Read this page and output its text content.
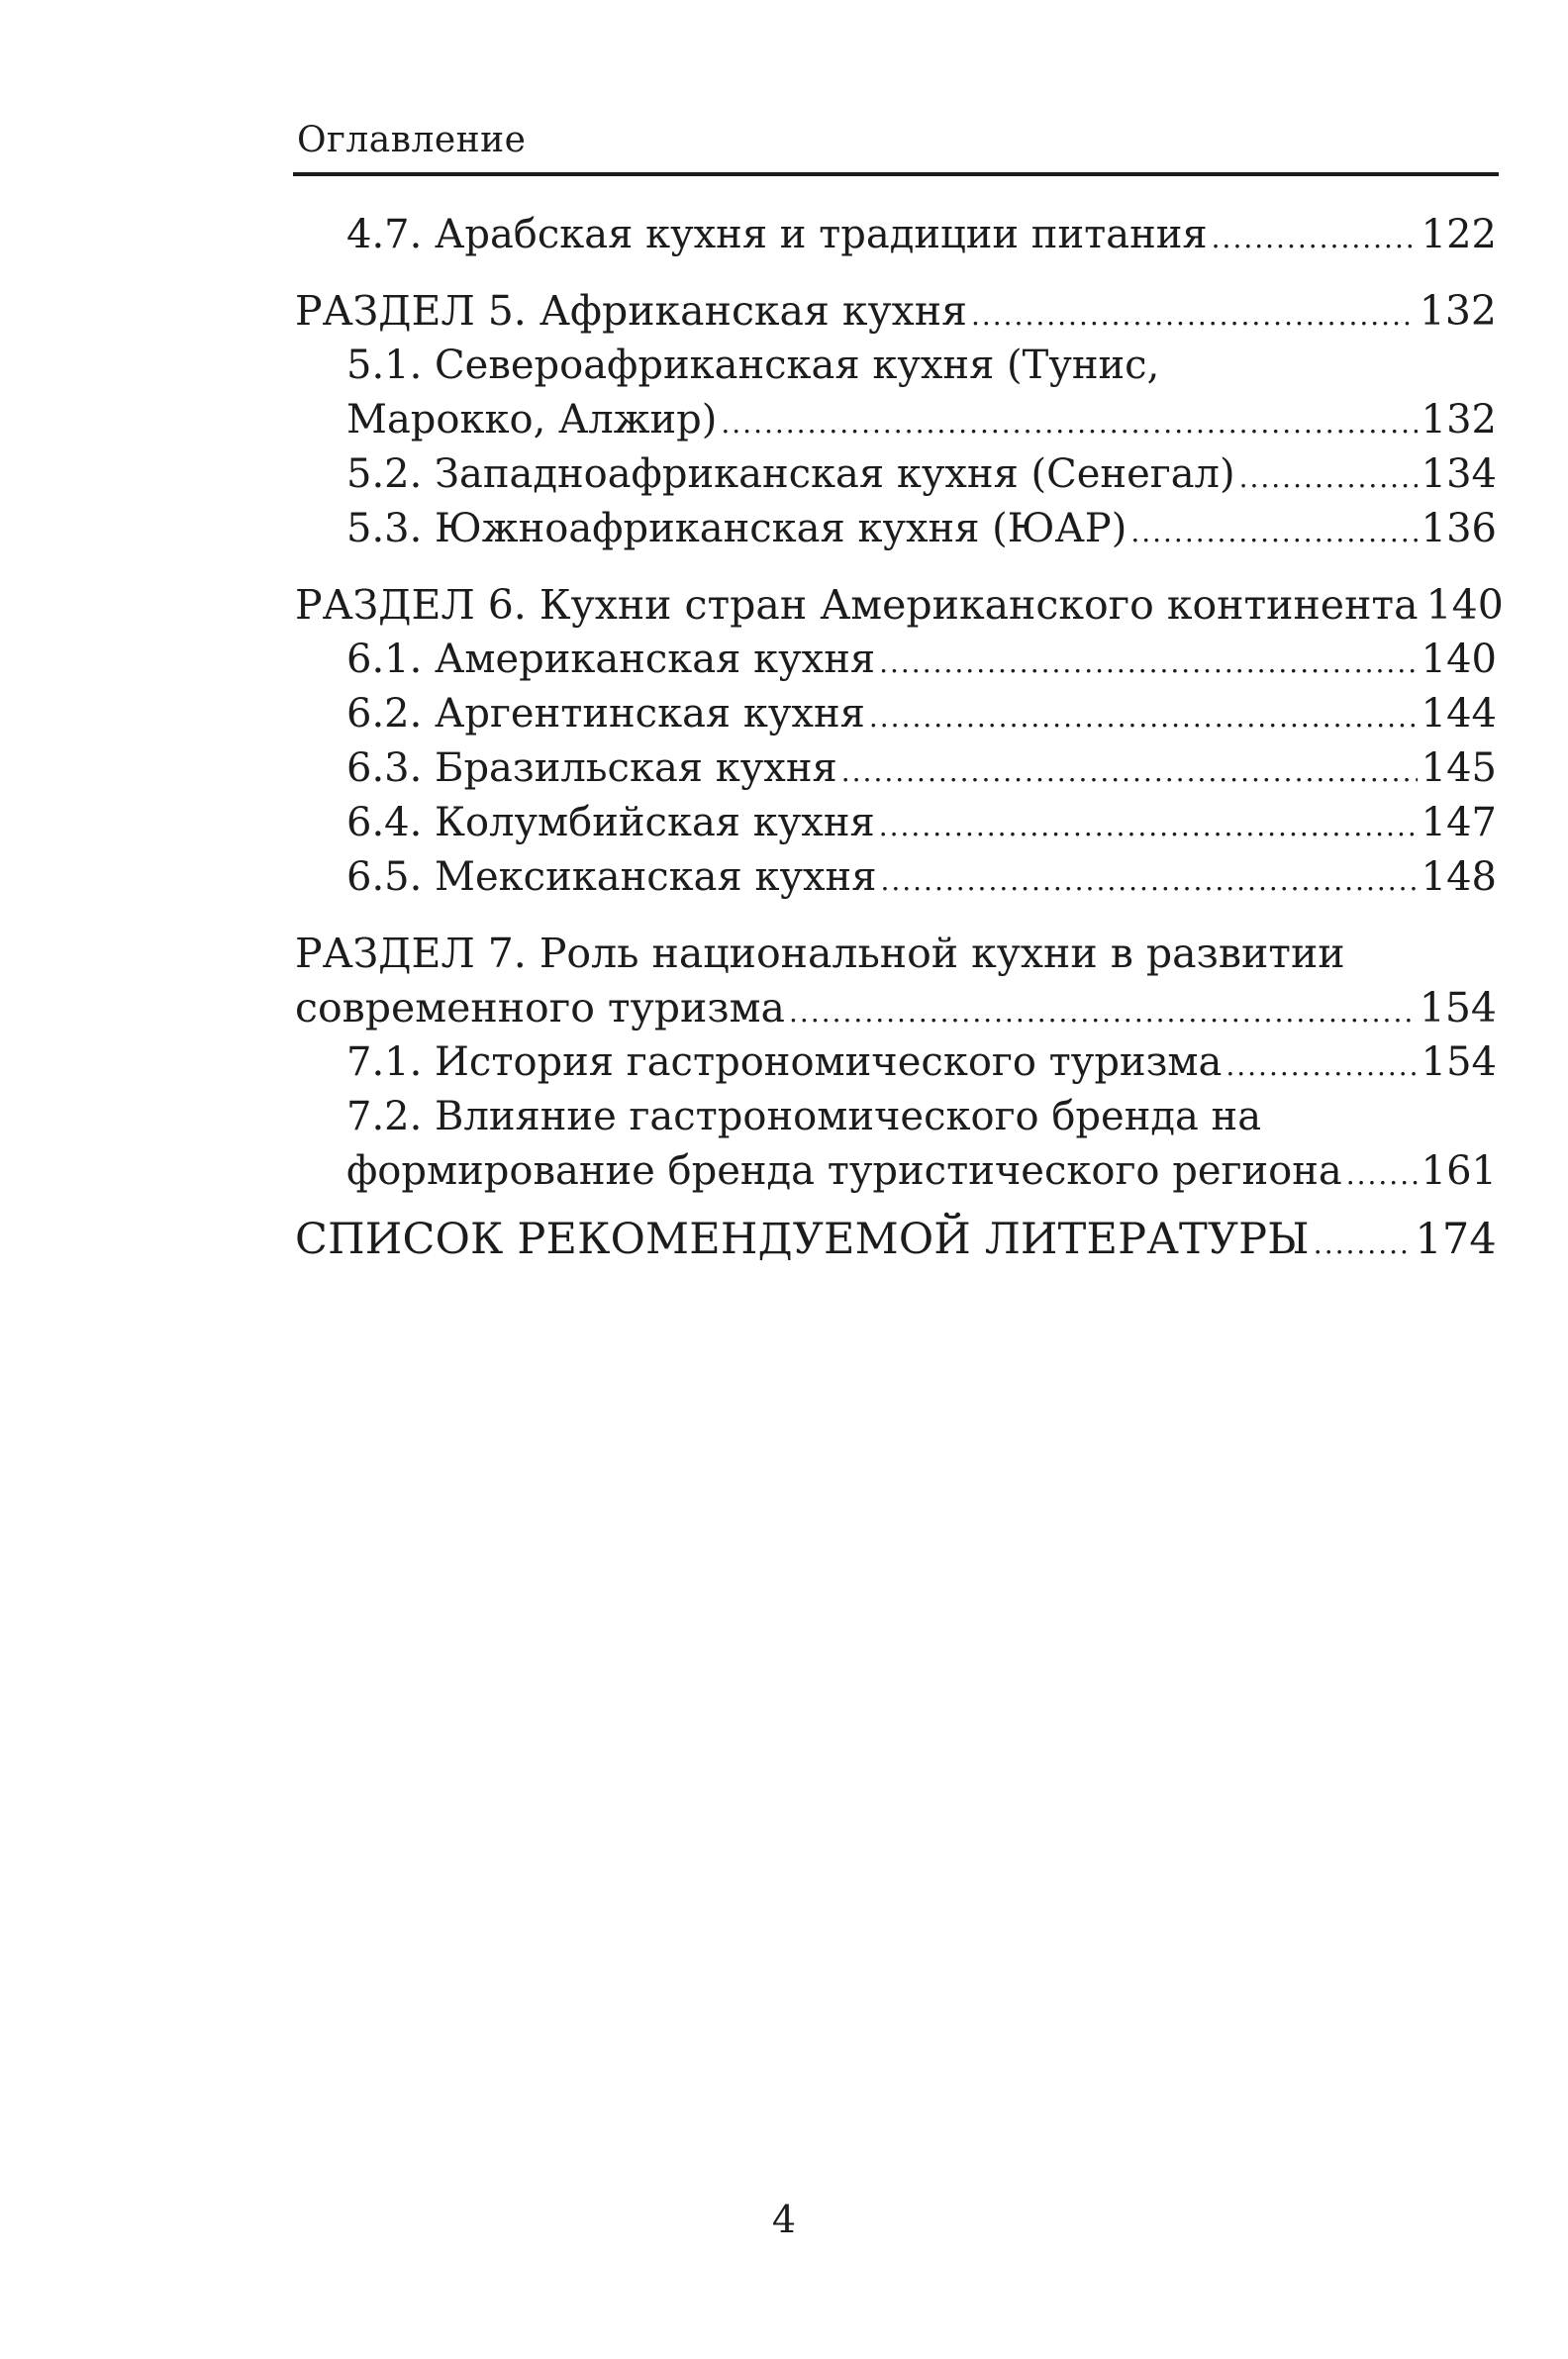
Оглавление
4.7. Арабская кухня и традиции питания .....	122
РАЗДЕЛ 5. Африканская кухня .....	132
5.1. Североафриканская кухня (Тунис,
Марокко, Алжир) .....	132
5.2. Западноафриканская кухня (Сенегал) .....	134
5.3. Южноафриканская кухня (ЮАР) .....	136
РАЗДЕЛ 6. Кухни стран Американского континента 140
6.1. Американская кухня .....	140
6.2. Аргентинская кухня .....	144
6.3. Бразильская кухня .....	145
6.4. Колумбийская кухня .....	147
6.5. Мексиканская кухня .....	148
РАЗДЕЛ 7. Роль национальной кухни в развитии
современного туризма .....	154
7.1. История гастрономического туризма .....	154
7.2. Влияние гастрономического бренда на
формирование бренда туристического региона ..... 161
СПИСОК РЕКОМЕНДУЕМОЙ ЛИТЕРАТУРЫ ..... 174
4
